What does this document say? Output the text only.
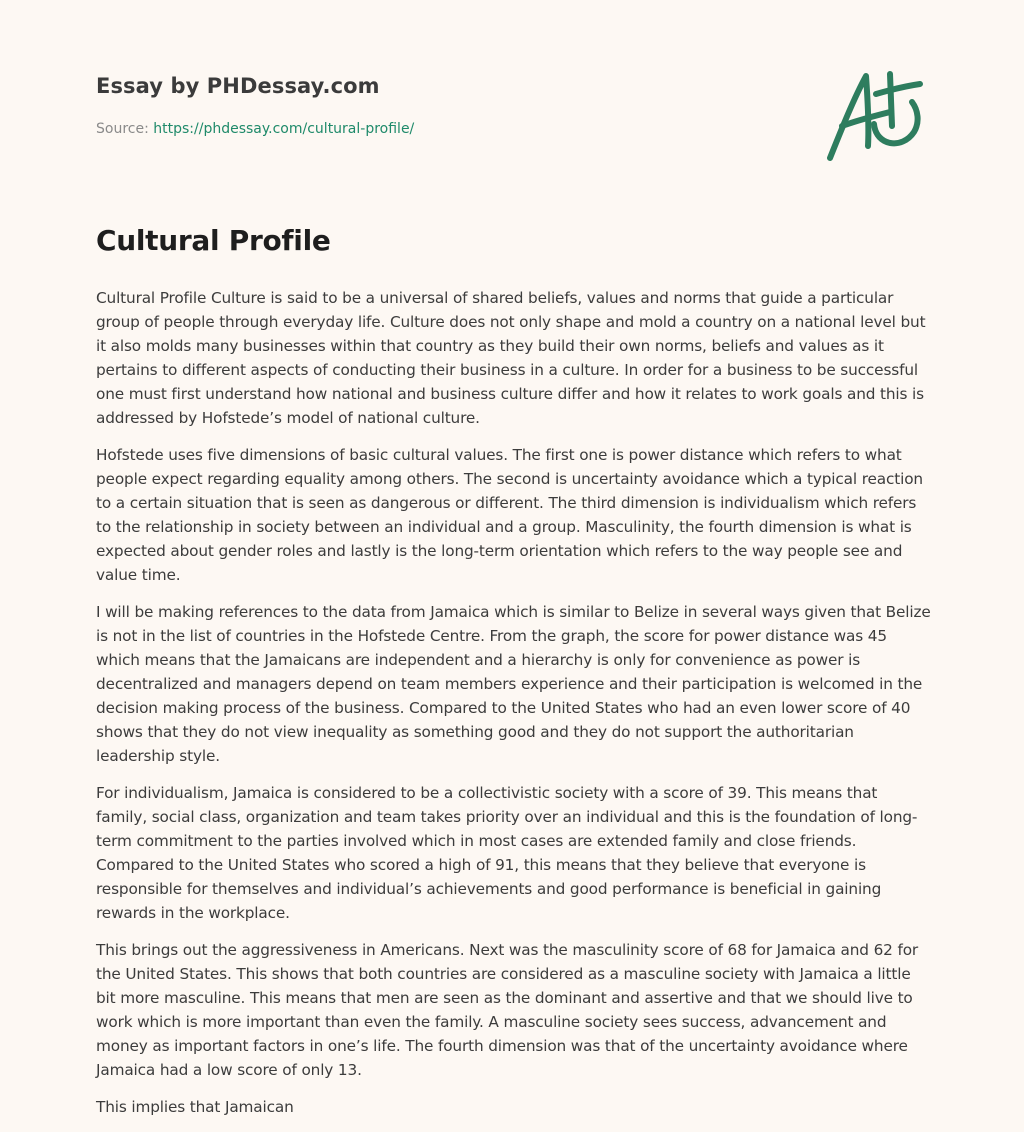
Essay by PHDessay.com
Source: https://phdessay.com/cultural-profile/
Cultural Profile

Cultural Profile Culture is said to be a universal of shared beliefs, values and norms that guide a particular group of people through everyday life. Culture does not only shape and mold a country on a national level but it also molds many businesses within that country as they build their own norms, beliefs and values as it pertains to different aspects of conducting their business in a culture. In order for a business to be successful one must first understand how national and business culture differ and how it relates to work goals and this is addressed by Hofstede’s model of national culture.

Hofstede uses five dimensions of basic cultural values. The first one is power distance which refers to what people expect regarding equality among others. The second is uncertainty avoidance which a typical reaction to a certain situation that is seen as dangerous or different. The third dimension is individualism which refers to the relationship in society between an individual and a group. Masculinity, the fourth dimension is what is expected about gender roles and lastly is the long-term orientation which refers to the way people see and value time.

I will be making references to the data from Jamaica which is similar to Belize in several ways given that Belize is not in the list of countries in the Hofstede Centre. From the graph, the score for power distance was 45 which means that the Jamaicans are independent and a hierarchy is only for convenience as power is decentralized and managers depend on team members experience and their participation is welcomed in the decision making process of the business. Compared to the United States who had an even lower score of 40 shows that they do not view inequality as something good and they do not support the authoritarian leadership style.

For individualism, Jamaica is considered to be a collectivistic society with a score of 39. This means that family, social class, organization and team takes priority over an individual and this is the foundation of long-term commitment to the parties involved which in most cases are extended family and close friends. Compared to the United States who scored a high of 91, this means that they believe that everyone is responsible for themselves and individual’s achievements and good performance is beneficial in gaining rewards in the workplace.

This brings out the aggressiveness in Americans. Next was the masculinity score of 68 for Jamaica and 62 for the United States. This shows that both countries are considered as a masculine society with Jamaica a little bit more masculine. This means that men are seen as the dominant and assertive and that we should live to work which is more important than even the family. A masculine society sees success, advancement and money as important factors in one’s life. The fourth dimension was that of the uncertainty avoidance where Jamaica had a low score of only 13.

This implies that Jamaican
